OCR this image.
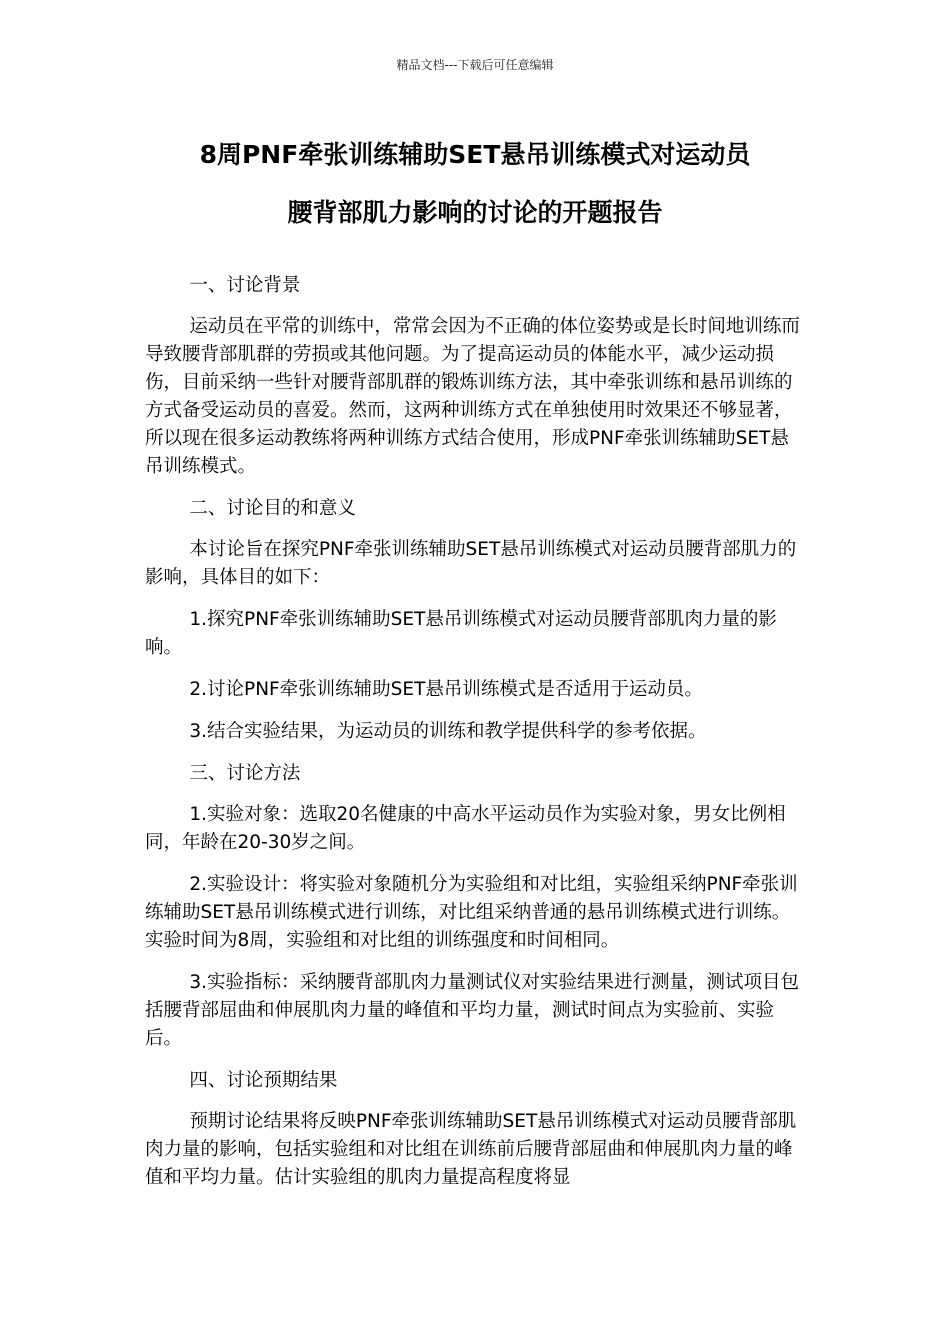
精品文档---下载后可任意编辑
8周PNF牵张训练辅助SET悬吊训练模式对运动员
腰背部肌力影响的讨论的开题报告

一、讨论背景

运动员在平常的训练中，常常会因为不正确的体位姿势或是长时间地训练而导致腰背部肌群的劳损或其他问题。为了提高运动员的体能水平，减少运动损伤，目前采纳一些针对腰背部肌群的锻炼训练方法，其中牵张训练和悬吊训练的方式备受运动员的喜爱。然而，这两种训练方式在单独使用时效果还不够显著，所以现在很多运动教练将两种训练方式结合使用，形成PNF牵张训练辅助SET悬吊训练模式。

二、讨论目的和意义

本讨论旨在探究PNF牵张训练辅助SET悬吊训练模式对运动员腰背部肌力的影响，具体目的如下：

1.探究PNF牵张训练辅助SET悬吊训练模式对运动员腰背部肌肉力量的影响。

2.讨论PNF牵张训练辅助SET悬吊训练模式是否适用于运动员。

3.结合实验结果，为运动员的训练和教学提供科学的参考依据。

三、讨论方法

1.实验对象：选取20名健康的中高水平运动员作为实验对象，男女比例相同，年龄在20-30岁之间。

2.实验设计：将实验对象随机分为实验组和对比组，实验组采纳PNF牵张训练辅助SET悬吊训练模式进行训练，对比组采纳普通的悬吊训练模式进行训练。实验时间为8周，实验组和对比组的训练强度和时间相同。

3.实验指标：采纳腰背部肌肉力量测试仪对实验结果进行测量，测试项目包括腰背部屈曲和伸展肌肉力量的峰值和平均力量，测试时间点为实验前、实验后。

四、讨论预期结果

预期讨论结果将反映PNF牵张训练辅助SET悬吊训练模式对运动员腰背部肌肉力量的影响，包括实验组和对比组在训练前后腰背部屈曲和伸展肌肉力量的峰值和平均力量。估计实验组的肌肉力量提高程度将显
